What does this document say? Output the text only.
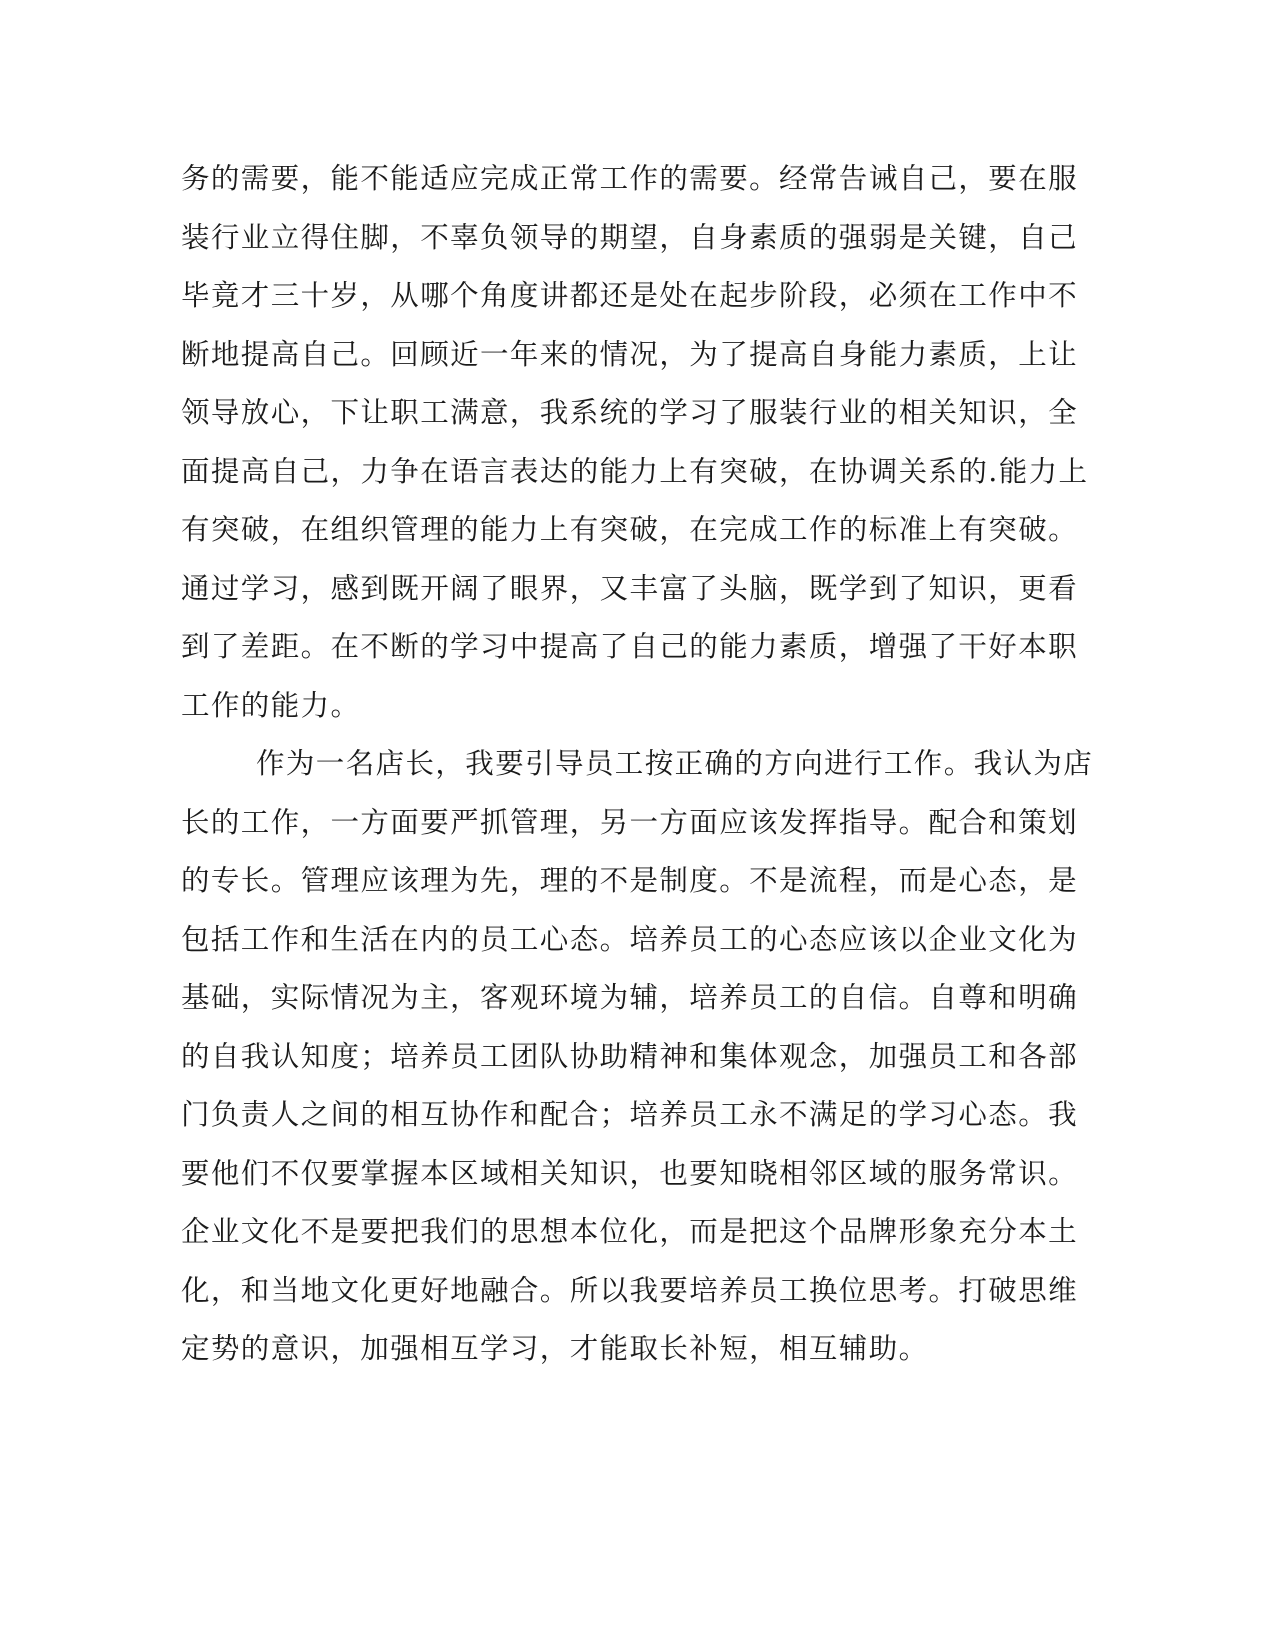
务的需要，能不能适应完成正常工作的需要。经常告诫自己，要在服
装行业立得住脚，不辜负领导的期望，自身素质的强弱是关键，自己
毕竟才三十岁，从哪个角度讲都还是处在起步阶段，必须在工作中不
断地提高自己。回顾近一年来的情况，为了提高自身能力素质，上让
领导放心，下让职工满意，我系统的学习了服装行业的相关知识，全
面提高自己，力争在语言表达的能力上有突破，在协调关系的.能力上
有突破，在组织管理的能力上有突破，在完成工作的标准上有突破。
通过学习，感到既开阔了眼界，又丰富了头脑，既学到了知识，更看
到了差距。在不断的学习中提高了自己的能力素质，增强了干好本职
工作的能力。
作为一名店长，我要引导员工按正确的方向进行工作。我认为店
长的工作，一方面要严抓管理，另一方面应该发挥指导。配合和策划
的专长。管理应该理为先，理的不是制度。不是流程，而是心态，是
包括工作和生活在内的员工心态。培养员工的心态应该以企业文化为
基础，实际情况为主，客观环境为辅，培养员工的自信。自尊和明确
的自我认知度；培养员工团队协助精神和集体观念，加强员工和各部
门负责人之间的相互协作和配合；培养员工永不满足的学习心态。我
要他们不仅要掌握本区域相关知识，也要知晓相邻区域的服务常识。
企业文化不是要把我们的思想本位化，而是把这个品牌形象充分本土
化，和当地文化更好地融合。所以我要培养员工换位思考。打破思维
定势的意识，加强相互学习，才能取长补短，相互辅助。
